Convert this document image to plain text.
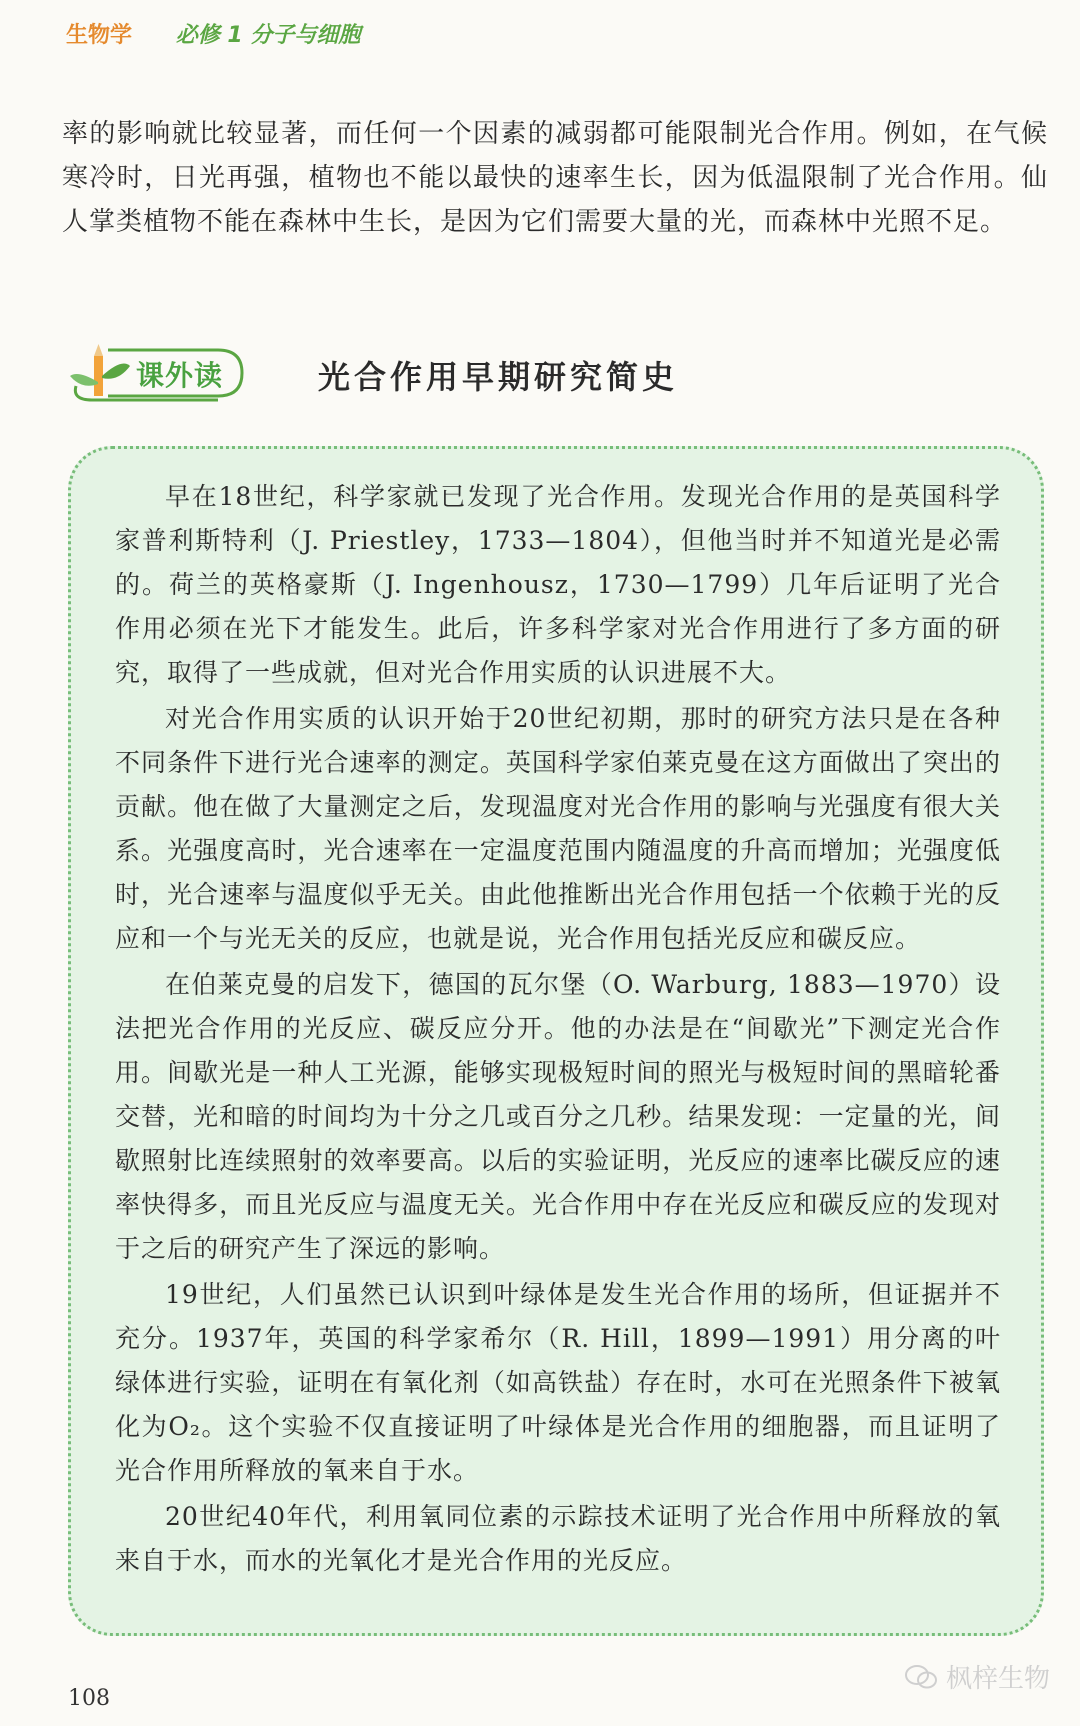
生物学 必修 1 分子与细胞
率的影响就比较显著，而任何一个因素的减弱都可能限制光合作用。例如，在气候寒冷时，日光再强，植物也不能以最快的速率生长，因为低温限制了光合作用。仙人掌类植物不能在森林中生长，是因为它们需要大量的光，而森林中光照不足。
课外读	光合作用早期研究简史

早在18世纪，科学家就已发现了光合作用。发现光合作用的是英国科学家普利斯特利（J. Priestley，1733—1804），但他当时并不知道光是必需的。荷兰的英格豪斯（J. Ingenhousz，1730—1799）几年后证明了光合作用必须在光下才能发生。此后，许多科学家对光合作用进行了多方面的研究，取得了一些成就，但对光合作用实质的认识进展不大。

对光合作用实质的认识开始于20世纪初期，那时的研究方法只是在各种不同条件下进行光合速率的测定。英国科学家伯莱克曼在这方面做出了突出的贡献。他在做了大量测定之后，发现温度对光合作用的影响与光强度有很大关系。光强度高时，光合速率在一定温度范围内随温度的升高而增加；光强度低时，光合速率与温度似乎无关。由此他推断出光合作用包括一个依赖于光的反应和一个与光无关的反应，也就是说，光合作用包括光反应和碳反应。

在伯莱克曼的启发下，德国的瓦尔堡（O. Warburg, 1883—1970）设法把光合作用的光反应、碳反应分开。他的办法是在“间歇光”下测定光合作用。间歇光是一种人工光源，能够实现极短时间的照光与极短时间的黑暗轮番交替，光和暗的时间均为十分之几或百分之几秒。结果发现：一定量的光，间歇照射比连续照射的效率要高。以后的实验证明，光反应的速率比碳反应的速率快得多，而且光反应与温度无关。光合作用中存在光反应和碳反应的发现对于之后的研究产生了深远的影响。

19世纪，人们虽然已认识到叶绿体是发生光合作用的场所，但证据并不充分。1937年，英国的科学家希尔（R. Hill，1899—1991）用分离的叶绿体进行实验，证明在有氧化剂（如高铁盐）存在时，水可在光照条件下被氧化为O₂。这个实验不仅直接证明了叶绿体是光合作用的细胞器，而且证明了光合作用所释放的氧来自于水。

20世纪40年代，利用氧同位素的示踪技术证明了光合作用中所释放的氧来自于水，而水的光氧化才是光合作用的光反应。

108
枫梓生物
